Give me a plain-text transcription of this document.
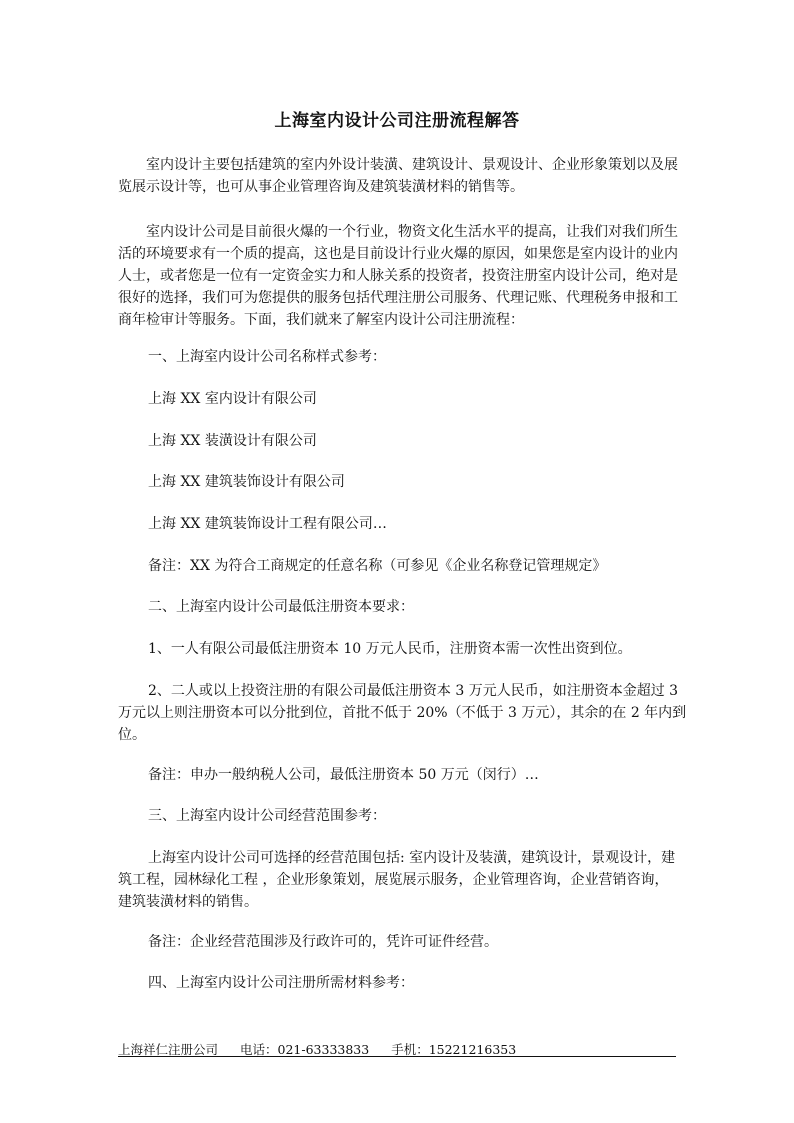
上海室内设计公司注册流程解答

室内设计主要包括建筑的室内外设计装潢、建筑设计、景观设计、企业形象策划以及展
览展示设计等，也可从事企业管理咨询及建筑装潢材料的销售等。

室内设计公司是目前很火爆的一个行业，物资文化生活水平的提高，让我们对我们所生
活的环境要求有一个质的提高，这也是目前设计行业火爆的原因，如果您是室内设计的业内
人士，或者您是一位有一定资金实力和人脉关系的投资者，投资注册室内设计公司，绝对是
很好的选择，我们可为您提供的服务包括代理注册公司服务、代理记账、代理税务申报和工
商年检审计等服务。下面，我们就来了解室内设计公司注册流程：

一、上海室内设计公司名称样式参考：

上海 XX 室内设计有限公司

上海 XX 装潢设计有限公司

上海 XX 建筑装饰设计有限公司

上海 XX 建筑装饰设计工程有限公司…

备注：XX 为符合工商规定的任意名称（可参见《企业名称登记管理规定》

二、上海室内设计公司最低注册资本要求：

1、一人有限公司最低注册资本 10 万元人民币，注册资本需一次性出资到位。

2、二人或以上投资注册的有限公司最低注册资本 3 万元人民币，如注册资本金超过 3
万元以上则注册资本可以分批到位，首批不低于 20%（不低于 3 万元），其余的在 2 年内到
位。

备注：申办一般纳税人公司，最低注册资本 50 万元（闵行）…

三、上海室内设计公司经营范围参考：

上海室内设计公司可选择的经营范围包括: 室内设计及装潢，建筑设计，景观设计，建
筑工程，园林绿化工程 ，企业形象策划，展览展示服务，企业管理咨询，企业营销咨询，
建筑装潢材料的销售。

备注：企业经营范围涉及行政许可的，凭许可证件经营。

四、上海室内设计公司注册所需材料参考：

上海祥仁注册公司 电话：021-63333833 手机：15221216353
